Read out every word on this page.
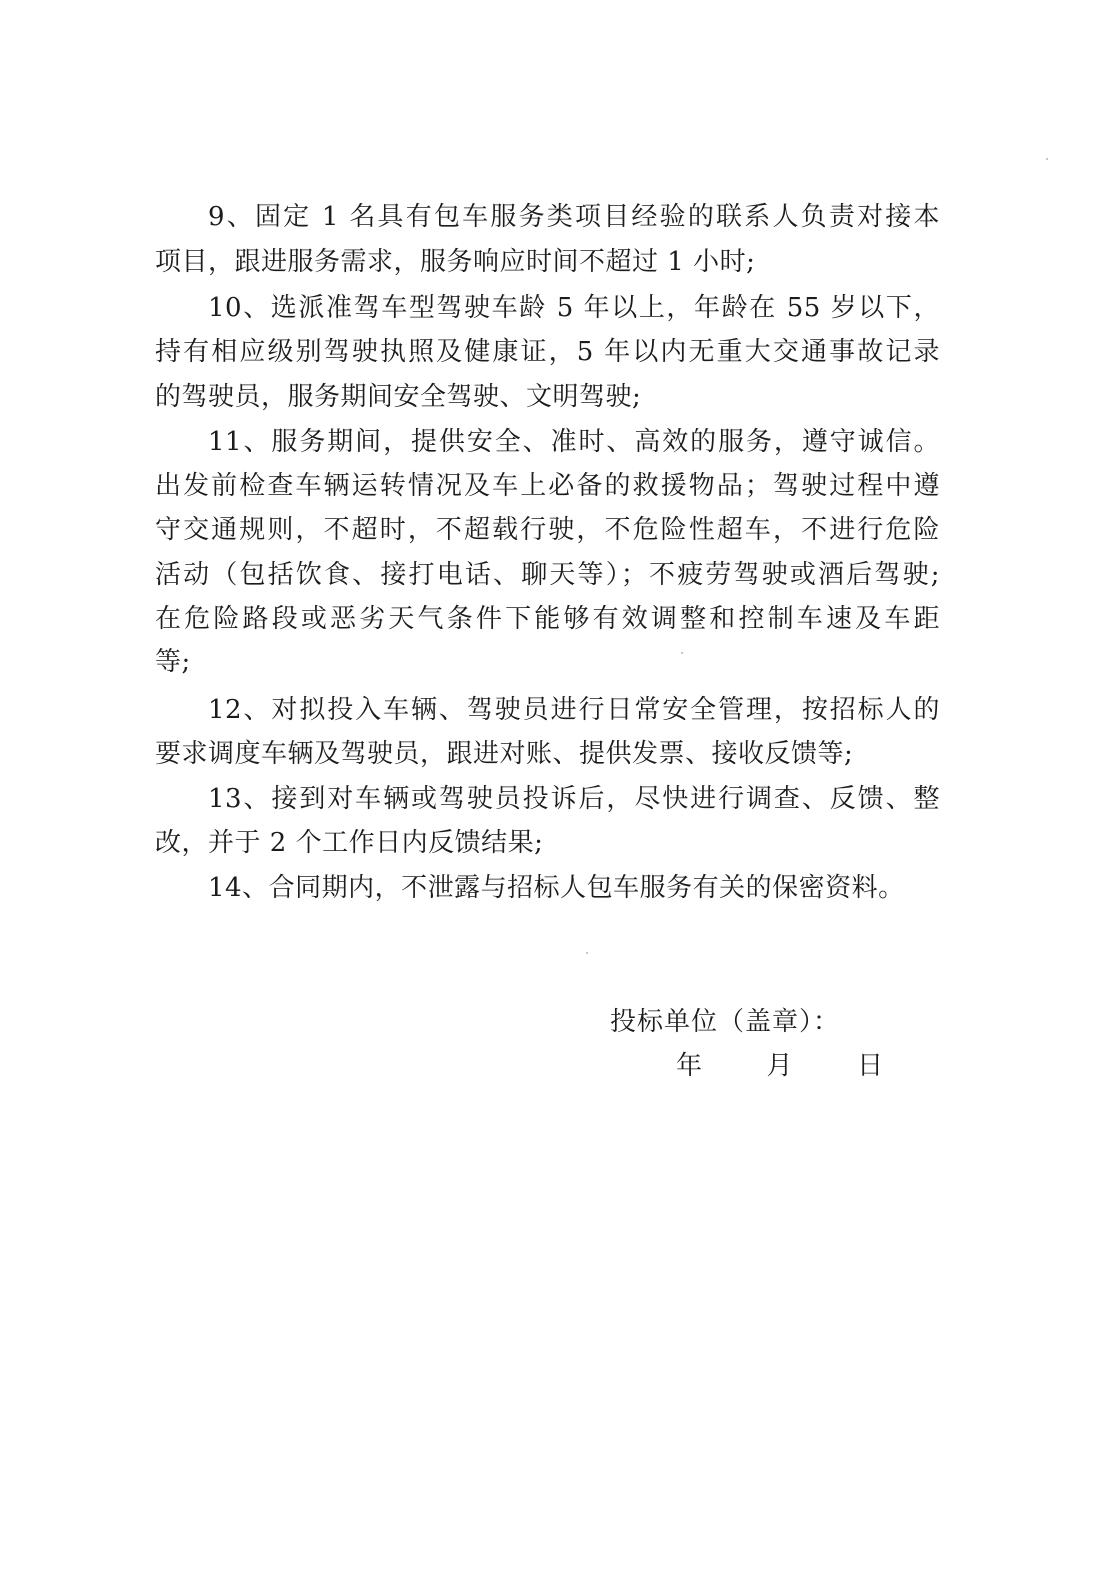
9、固定 1 名具有包车服务类项目经验的联系人负责对接本
项目，跟进服务需求，服务响应时间不超过 1 小时;
10、选派准驾车型驾驶车龄 5 年以上，年龄在 55 岁以下，
持有相应级别驾驶执照及健康证，5 年以内无重大交通事故记录
的驾驶员，服务期间安全驾驶、文明驾驶;
11、服务期间，提供安全、准时、高效的服务，遵守诚信。
出发前检查车辆运转情况及车上必备的救援物品；驾驶过程中遵
守交通规则，不超时，不超载行驶，不危险性超车，不进行危险
活动（包括饮食、接打电话、聊天等）；不疲劳驾驶或酒后驾驶;
在危险路段或恶劣天气条件下能够有效调整和控制车速及车距
等;
12、对拟投入车辆、驾驶员进行日常安全管理，按招标人的
要求调度车辆及驾驶员，跟进对账、提供发票、接收反馈等;
13、接到对车辆或驾驶员投诉后，尽快进行调查、反馈、整
改，并于 2 个工作日内反馈结果;
14、合同期内，不泄露与招标人包车服务有关的保密资料。
投标单位（盖章）：
年 月 日
